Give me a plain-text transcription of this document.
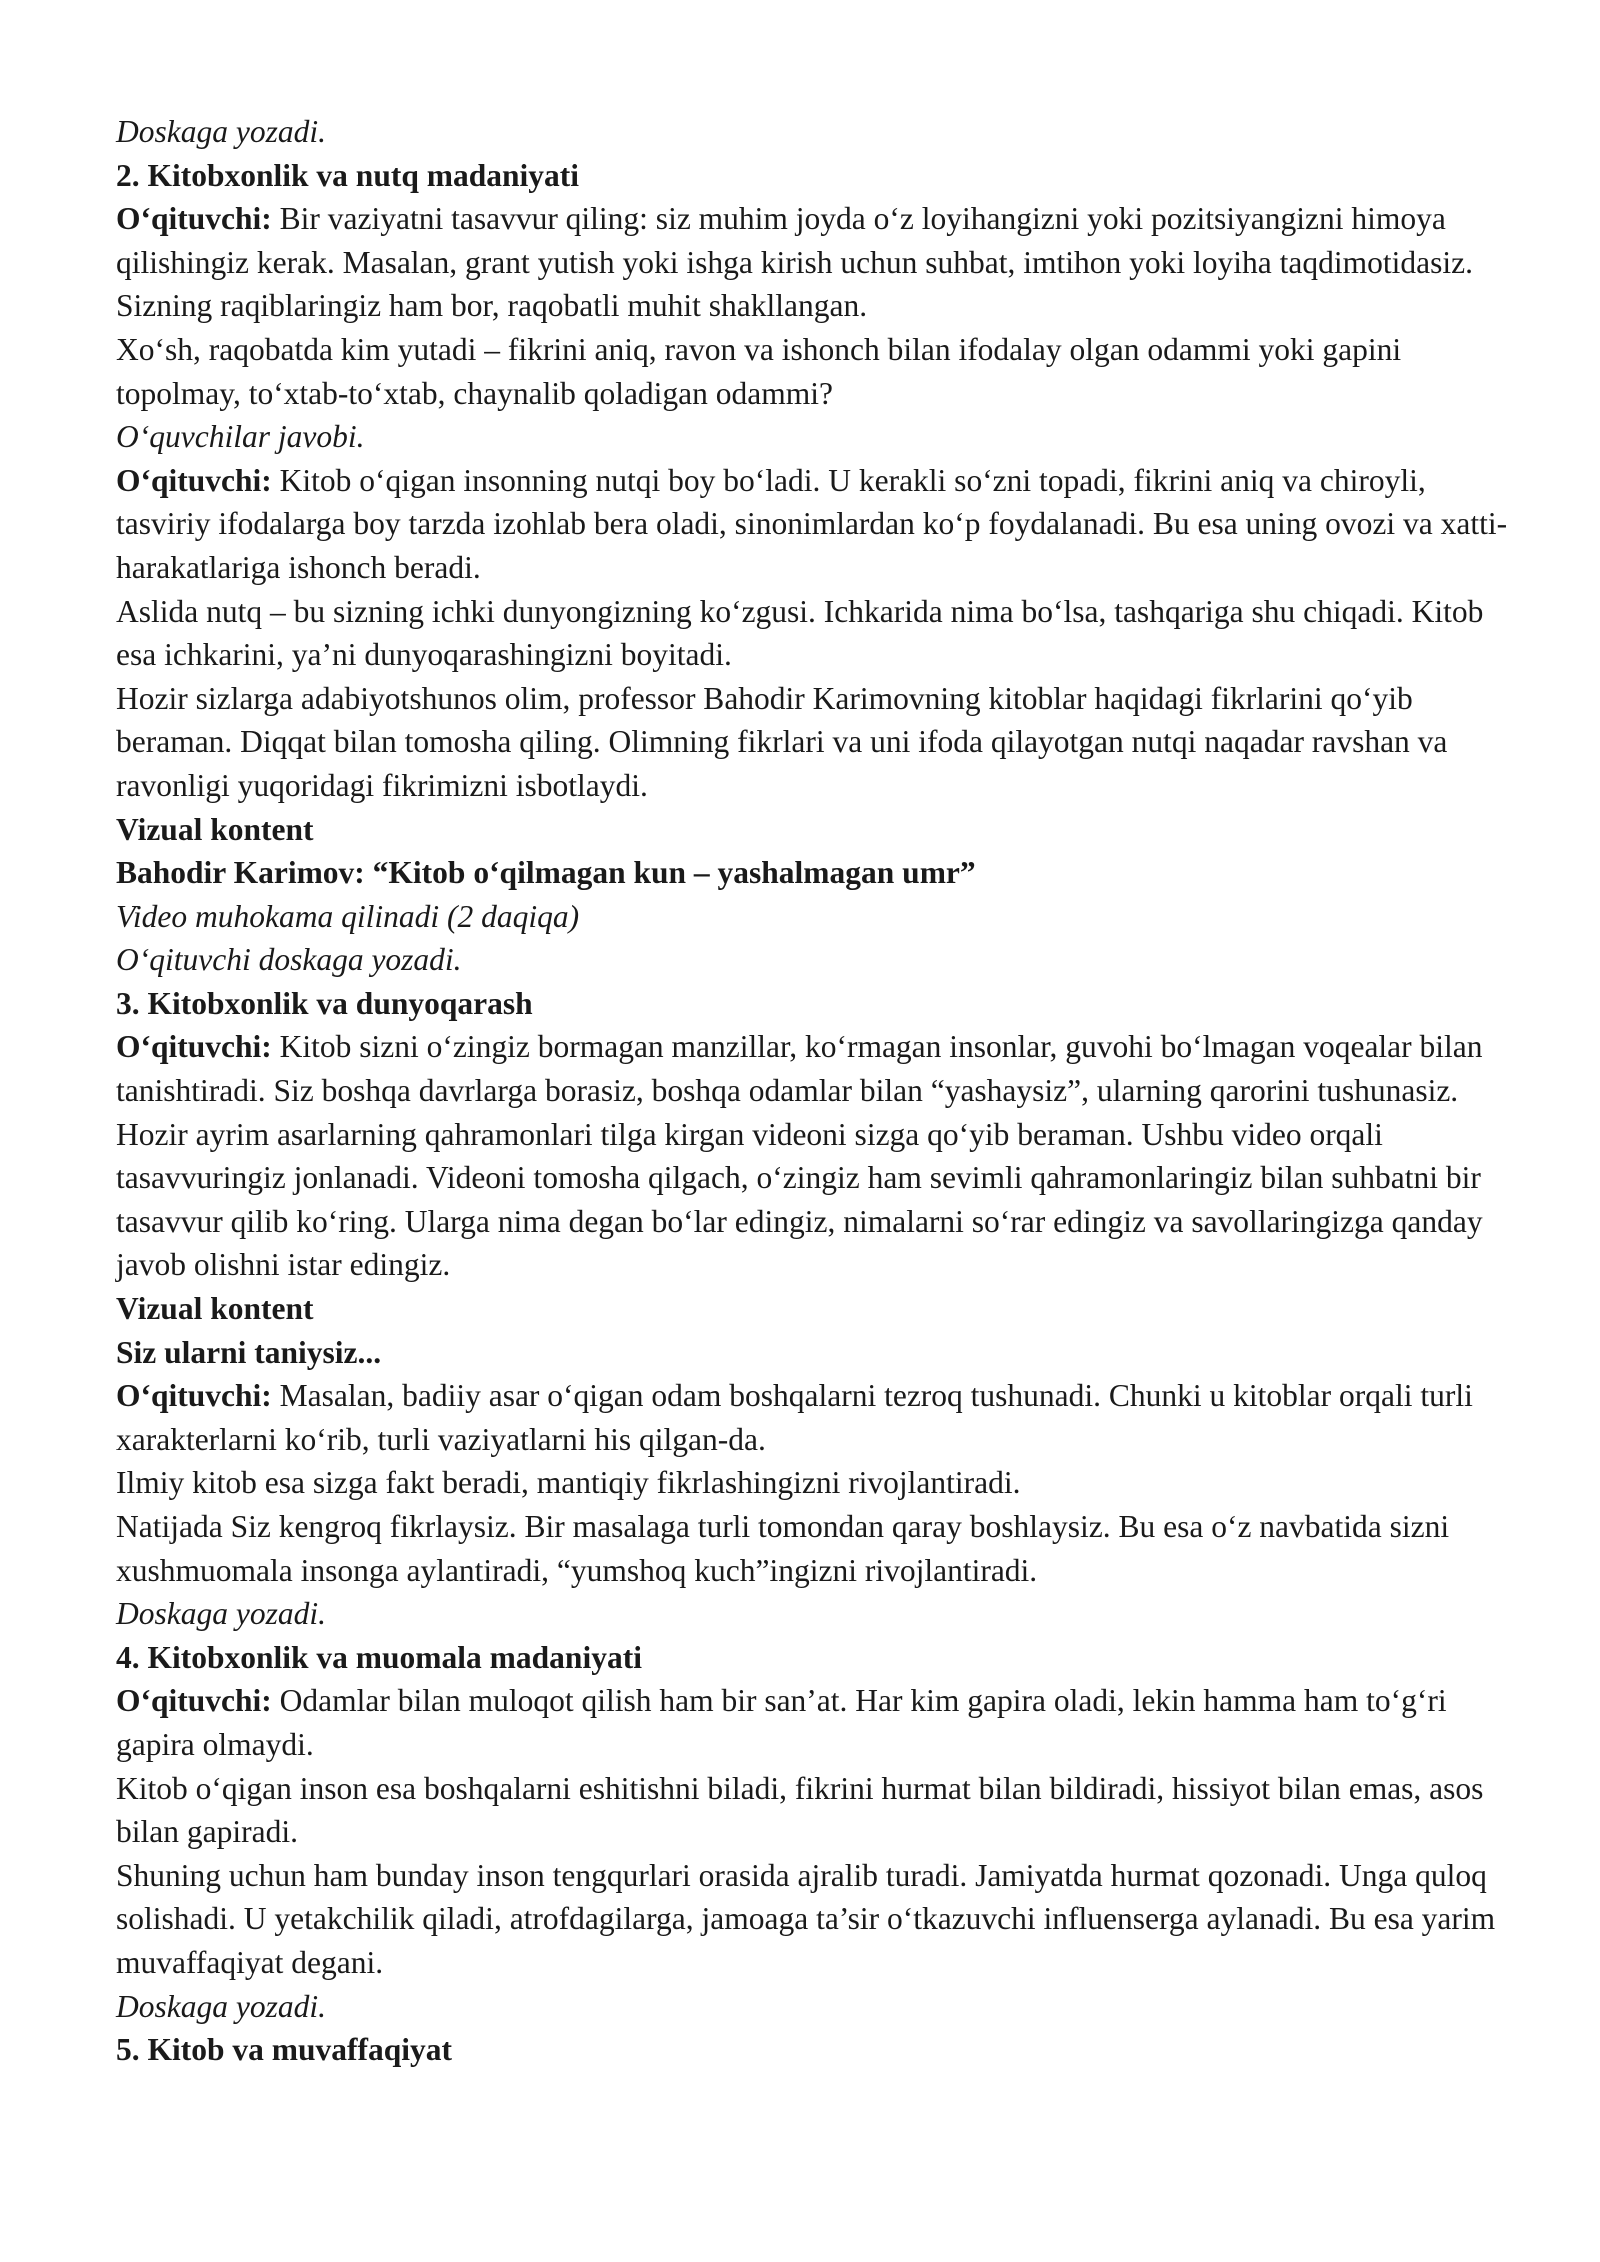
Doskaga yozadi.
2. Kitobxonlik va nutq madaniyati
O‘qituvchi: Bir vaziyatni tasavvur qiling: siz muhim joyda o‘z loyihangizni yoki pozitsiyangizni himoya qilishingiz kerak. Masalan, grant yutish yoki ishga kirish uchun suhbat, imtihon yoki loyiha taqdimotidasiz. Sizning raqiblaringiz ham bor, raqobatli muhit shakllangan.
Xo‘sh, raqobatda kim yutadi – fikrini aniq, ravon va ishonch bilan ifodalay olgan odammi yoki gapini topolmay, to‘xtab-to‘xtab, chaynalib qoladigan odammi?
O‘quvchilar javobi.
O‘qituvchi: Kitob o‘qigan insonning nutqi boy bo‘ladi. U kerakli so‘zni topadi, fikrini aniq va chiroyli, tasviriy ifodalarga boy tarzda izohlab bera oladi, sinonimlardan ko‘p foydalanadi. Bu esa uning ovozi va xatti-harakatlariga ishonch beradi.
Aslida nutq – bu sizning ichki dunyongizning ko‘zgusi. Ichkarida nima bo‘lsa, tashqariga shu chiqadi. Kitob esa ichkarini, ya’ni dunyoqarashingizni boyitadi.
Hozir sizlarga adabiyotshunos olim, professor Bahodir Karimovning kitoblar haqidagi fikrlarini qo‘yib beraman. Diqqat bilan tomosha qiling. Olimning fikrlari va uni ifoda qilayotgan nutqi naqadar ravshan va ravonligi yuqoridagi fikrimizni isbotlaydi.
Vizual kontent
Bahodir Karimov: “Kitob o‘qilmagan kun – yashalmagan umr”
Video muhokama qilinadi (2 daqiqa)
O‘qituvchi doskaga yozadi.
3. Kitobxonlik va dunyoqarash
O‘qituvchi: Kitob sizni o‘zingiz bormagan manzillar, ko‘rmagan insonlar, guvohi bo‘lmagan voqealar bilan tanishtiradi. Siz boshqa davrlarga borasiz, boshqa odamlar bilan “yashaysiz”, ularning qarorini tushunasiz.
Hozir ayrim asarlarning qahramonlari tilga kirgan videoni sizga qo‘yib beraman. Ushbu video orqali tasavvuringiz jonlanadi. Videoni tomosha qilgach, o‘zingiz ham sevimli qahramonlaringiz bilan suhbatni bir tasavvur qilib ko‘ring. Ularga nima degan bo‘lar edingiz, nimalarni so‘rar edingiz va savollaringizga qanday javob olishni istar edingiz.
Vizual kontent
Siz ularni taniysiz...
O‘qituvchi: Masalan, badiiy asar o‘qigan odam boshqalarni tezroq tushunadi. Chunki u kitoblar orqali turli xarakterlarni ko‘rib, turli vaziyatlarni his qilgan-da.
Ilmiy kitob esa sizga fakt beradi, mantiqiy fikrlashingizni rivojlantiradi.
Natijada Siz kengroq fikrlaysiz. Bir masalaga turli tomondan qaray boshlaysiz. Bu esa o‘z navbatida sizni xushmuomala insonga aylantiradi, “yumshoq kuch”ingizni rivojlantiradi.
Doskaga yozadi.
4. Kitobxonlik va muomala madaniyati
O‘qituvchi: Odamlar bilan muloqot qilish ham bir san’at. Har kim gapira oladi, lekin hamma ham to‘g‘ri gapira olmaydi.
Kitob o‘qigan inson esa boshqalarni eshitishni biladi, fikrini hurmat bilan bildiradi, hissiyot bilan emas, asos bilan gapiradi.
Shuning uchun ham bunday inson tengqurlari orasida ajralib turadi. Jamiyatda hurmat qozonadi. Unga quloq solishadi. U yetakchilik qiladi, atrofdagilarga, jamoaga ta’sir o‘tkazuvchi influenserga aylanadi. Bu esa yarim muvaffaqiyat degani.
Doskaga yozadi.
5. Kitob va muvaffaqiyat
